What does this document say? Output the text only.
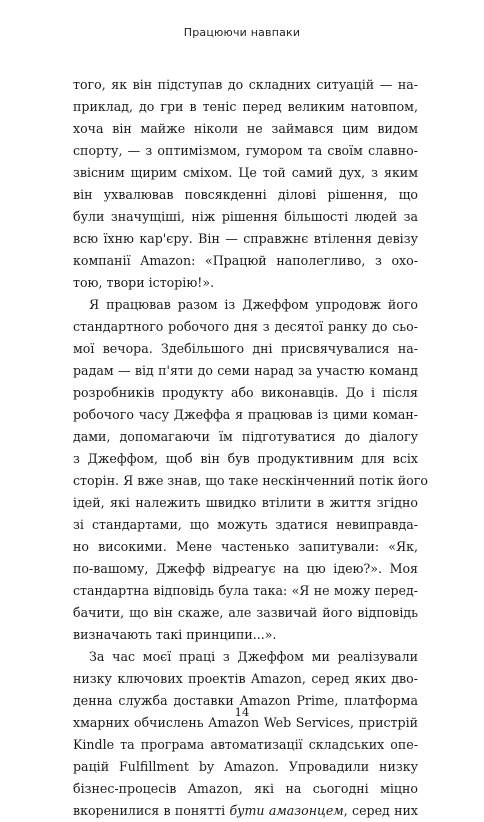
Працюючи навпаки
того, як він підступав до складних ситуацій — на-
приклад, до гри в теніс перед великим натовпом,
хоча він майже ніколи не займався цим видом
спорту, — з оптимізмом, гумором та своїм славно-
звісним щирим сміхом. Це той самий дух, з яким
він ухвалював повсякденні ділові рішення, що
були значущіші, ніж рішення більшості людей за
всю їхню кар'єру. Він — справжнє втілення девізу
компанії Amazon: «Працюй наполегливо, з охо-
тою, твори історію!».
Я працював разом із Джеффом упродовж його
стандартного робочого дня з десятої ранку до сьо-
мої вечора. Здебільшого дні присвячувалися на-
радам — від п'яти до семи нарад за участю команд
розробників продукту або виконавців. До і після
робочого часу Джеффа я працював із цими коман-
дами, допомагаючи їм підготуватися до діалогу
з Джеффом, щоб він був продуктивним для всіх
сторін. Я вже знав, що таке нескінченний потік його
ідей, які належить швидко втілити в життя згідно
зі стандартами, що можуть здатися невиправда-
но високими. Мене частенько запитували: «Як,
по-вашому, Джефф відреагує на цю ідею?». Моя
стандартна відповідь була така: «Я не можу перед-
бачити, що він скаже, але зазвичай його відповідь
визначають такі принципи...».
За час моєї праці з Джеффом ми реалізували
низку ключових проектів Amazon, серед яких дво-
денна служба доставки Amazon Prime, платформа
хмарних обчислень Amazon Web Services, пристрій
Kindle та програма автоматизації складських опе-
рацій Fulfillment by Amazon. Упровадили низку
бізнес-процесів Amazon, які на сьогодні міцно
вкоренилися в понятті бути амазонцем, серед них
14
